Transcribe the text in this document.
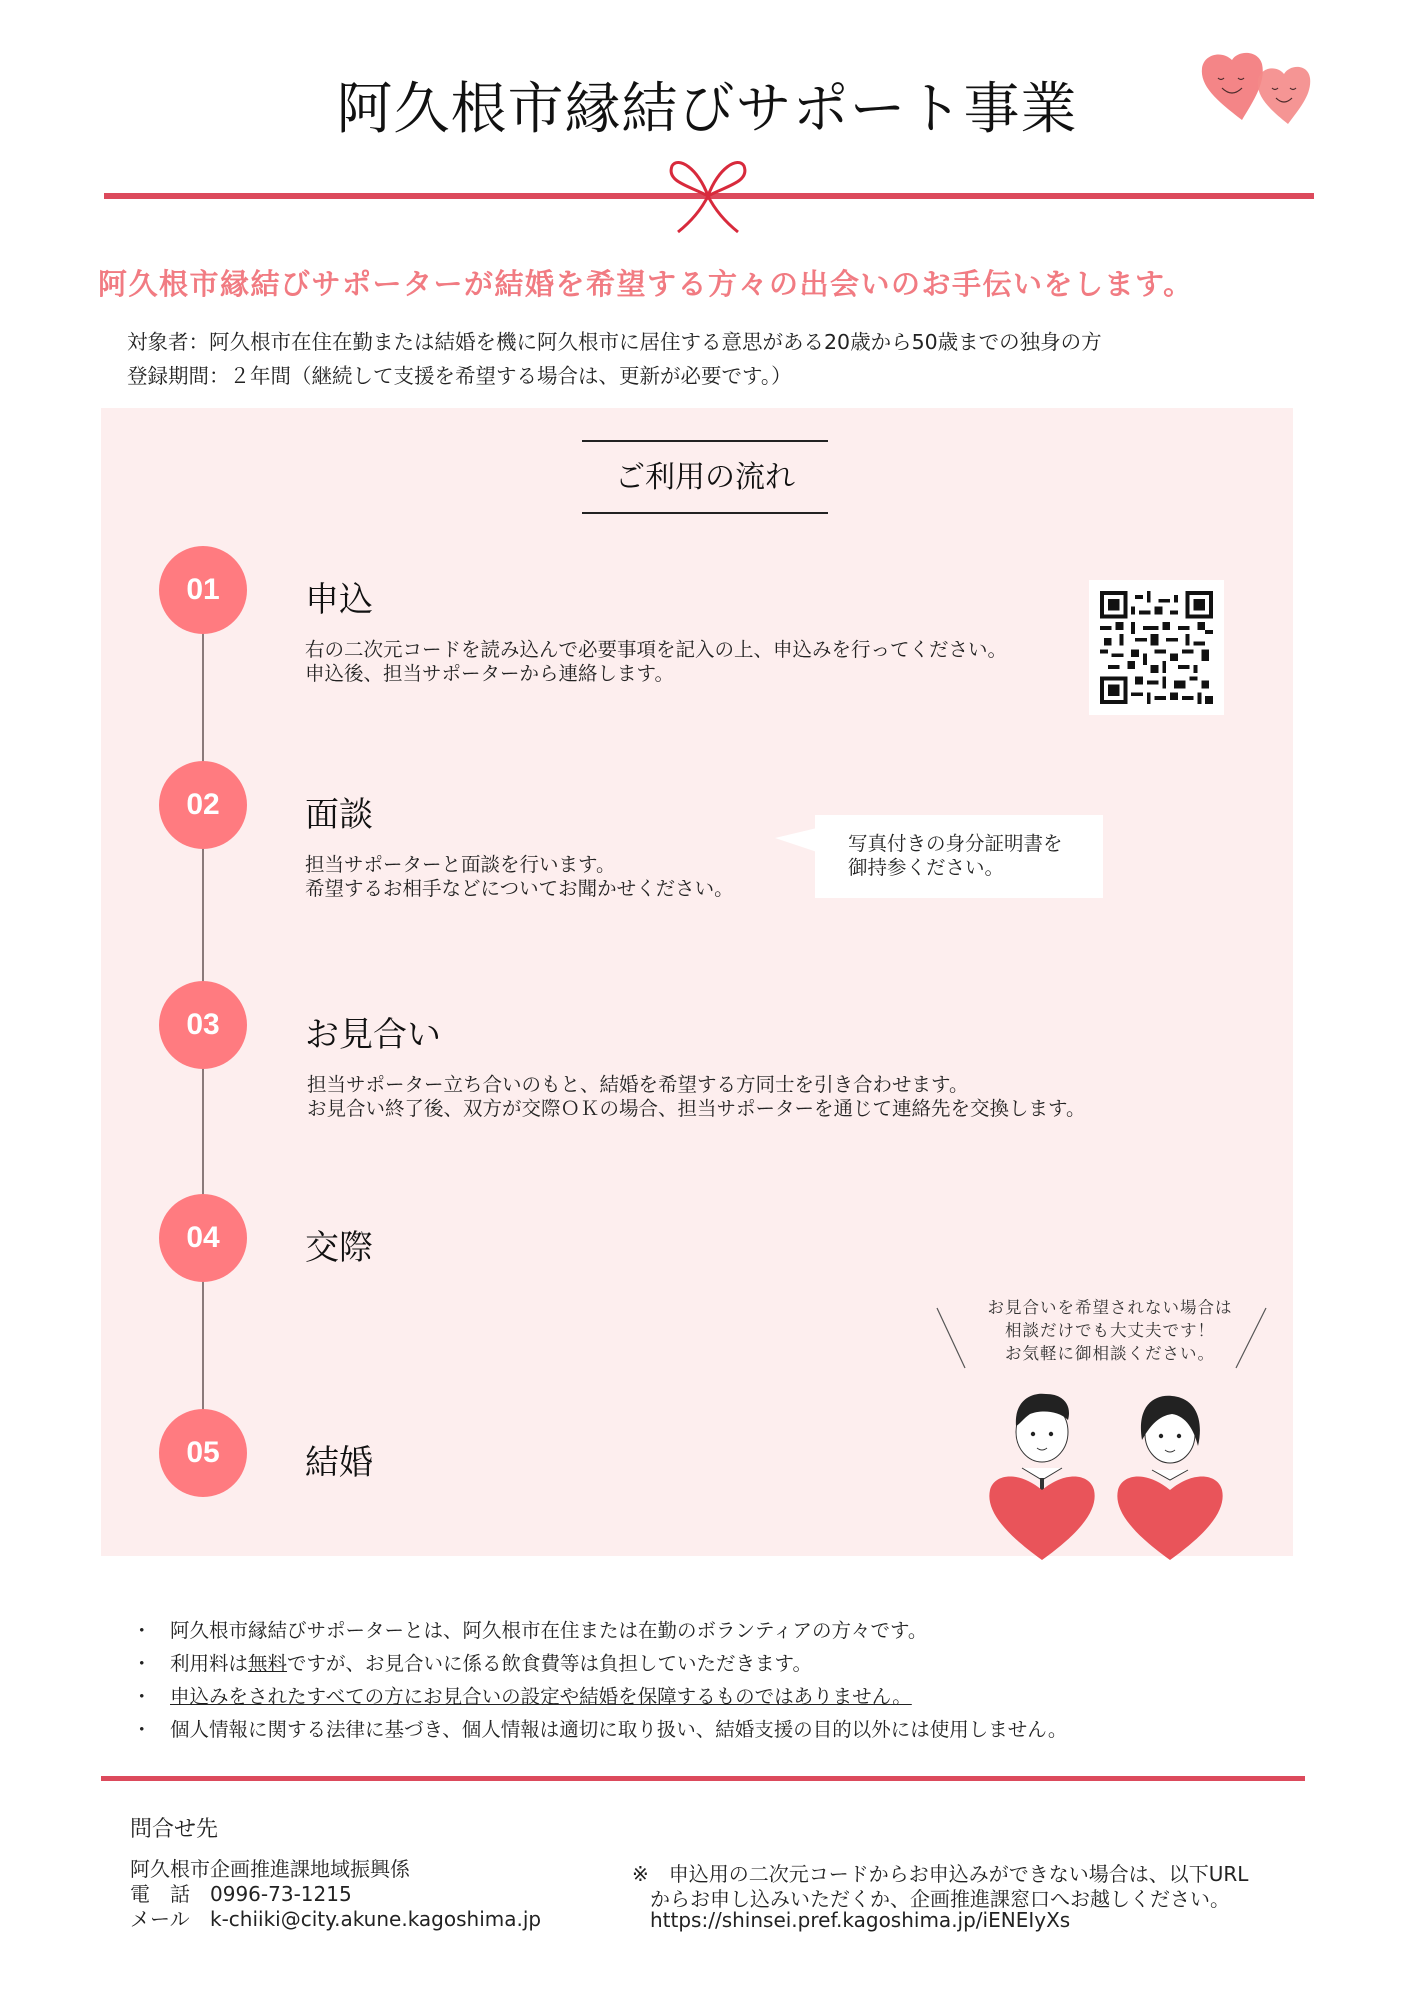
阿久根市縁結びサポート事業
阿久根市縁結びサポーターが結婚を希望する方々の出会いのお手伝いをします。
対象者：阿久根市在住在勤または結婚を機に阿久根市に居住する意思がある20歳から50歳までの独身の方
登録期間：２年間（継続して支援を希望する場合は、更新が必要です。）
ご利用の流れ
01	申込
右の二次元コードを読み込んで必要事項を記入の上、申込みを行ってください。
申込後、担当サポーターから連絡します。
02	面談
担当サポーターと面談を行います。
希望するお相手などについてお聞かせください。
写真付きの身分証明書を
御持参ください。
03	お見合い
担当サポーター立ち合いのもと、結婚を希望する方同士を引き合わせます。
お見合い終了後、双方が交際ＯＫの場合、担当サポーターを通じて連絡先を交換します。
04	交際
05	結婚
お見合いを希望されない場合は
相談だけでも大丈夫です！
お気軽に御相談ください。
・ 阿久根市縁結びサポーターとは、阿久根市在住または在勤のボランティアの方々です。
・ 利用料は無料ですが、お見合いに係る飲食費等は負担していただきます。
・ 申込みをされたすべての方にお見合いの設定や結婚を保障するものではありません。
・ 個人情報に関する法律に基づき、個人情報は適切に取り扱い、結婚支援の目的以外には使用しません。
問合せ先
阿久根市企画推進課地域振興係
電　話 0996-73-1215
メール k-chiiki@city.akune.kagoshima.jp
※　申込用の二次元コードからお申込みができない場合は、以下URL
からお申し込みいただくか、企画推進課窓口へお越しください。
https://shinsei.pref.kagoshima.jp/iENEIyXs
